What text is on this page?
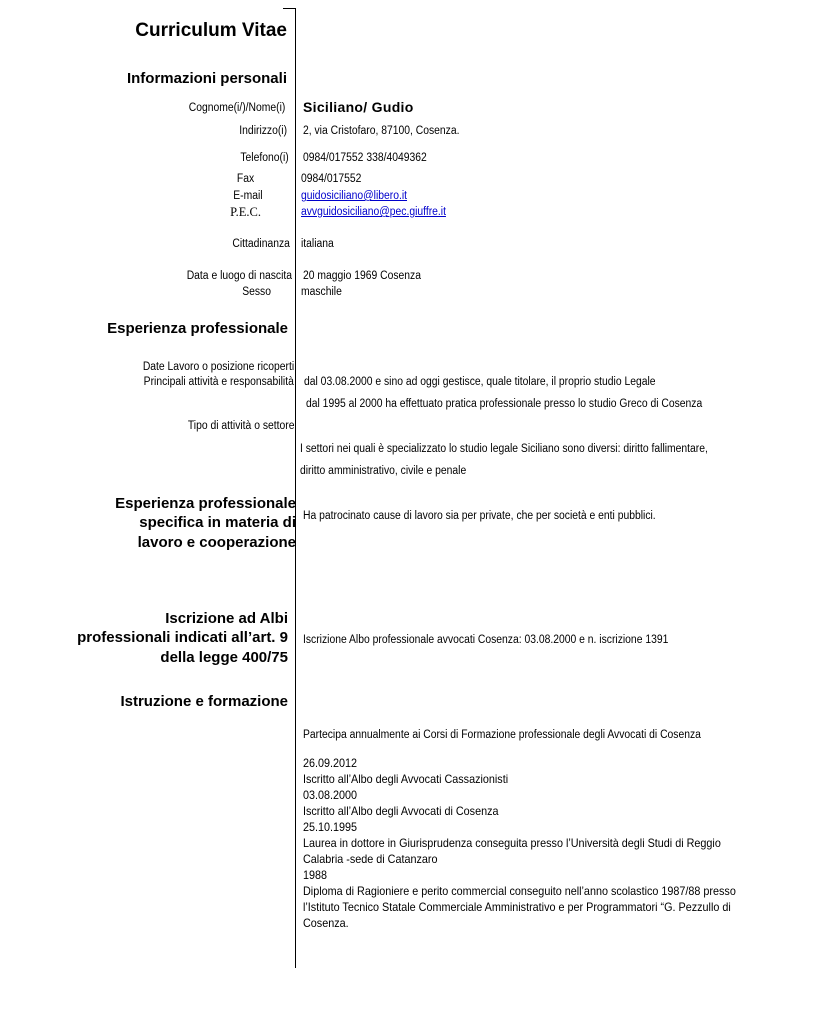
Curriculum Vitae
Informazioni personali
Cognome(i/)/Nome(i) Siciliano/ Gudio
Indirizzo(i) 2, via Cristofaro, 87100, Cosenza.
Telefono(i) 0984/017552 338/4049362
Fax	0984/017552
E-mail	guidosiciliano@libero.it
P.E.C.	avvguidosiciliano@pec.giuffre.it
Cittadinanza italiana
Data e luogo di nascita 20 maggio 1969 Cosenza
Sesso	maschile
Esperienza professionale
Date Lavoro o posizione ricoperti
Principali attività e responsabilità dal 03.08.2000 e sino ad oggi gestisce, quale titolare, il proprio studio Legale
dal 1995 al 2000 ha effettuato pratica professionale presso lo studio Greco di Cosenza
Tipo di attività o settore
I settori nei quali è specializzato lo studio legale Siciliano sono diversi: diritto fallimentare,
diritto amministrativo, civile e penale
Esperienza professionale
specifica in materia di
lavoro e cooperazione
Ha patrocinato cause di lavoro sia per private, che per società e enti pubblici.
Iscrizione ad Albi
professionali indicati all’art. 9
della legge 400/75
Iscrizione Albo professionale avvocati Cosenza: 03.08.2000 e n. iscrizione 1391
Istruzione e formazione
Partecipa annualmente ai Corsi di Formazione professionale degli Avvocati di Cosenza
26.09.2012
Iscritto all’Albo degli Avvocati Cassazionisti
03.08.2000
Iscritto all’Albo degli Avvocati di Cosenza
25.10.1995
Laurea in dottore in Giurisprudenza conseguita presso l’Università degli Studi di Reggio Calabria -sede di Catanzaro
1988
Diploma di Ragioniere e perito commercial conseguito nell’anno scolastico 1987/88 presso l’Istituto Tecnico Statale Commerciale Amministrativo e per Programmatori “G. Pezzullo di Cosenza.
